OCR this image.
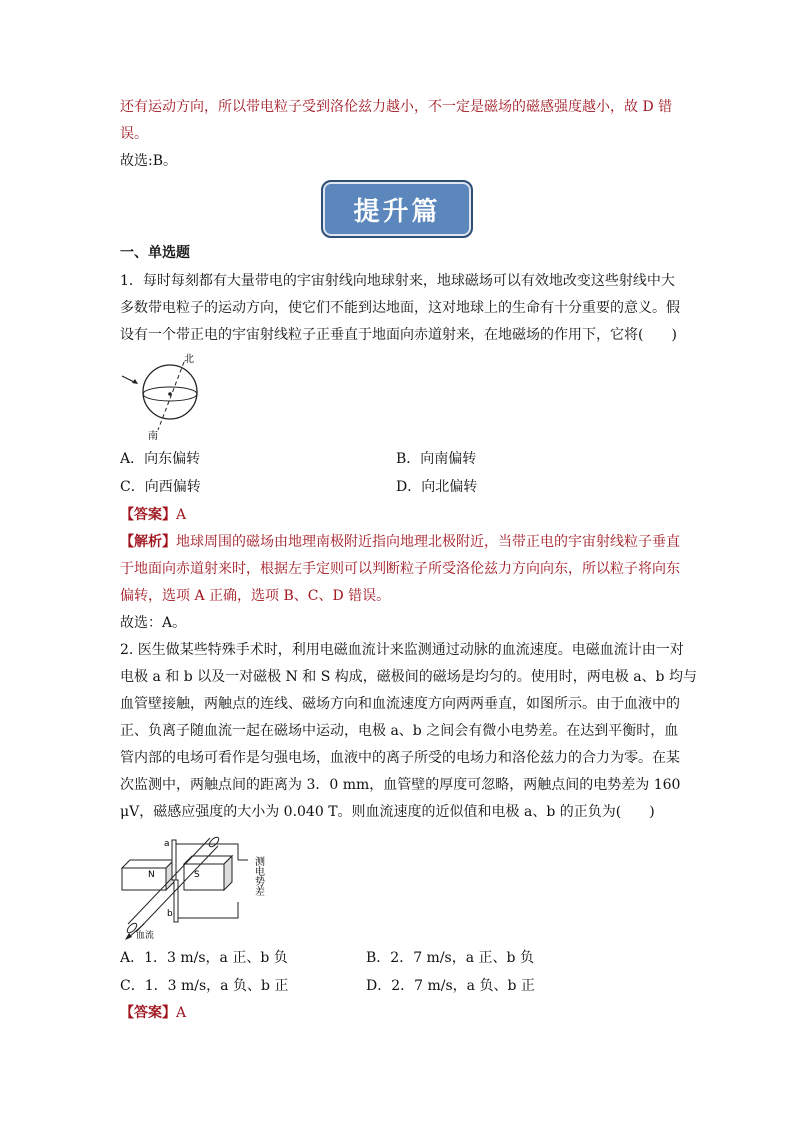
还有运动方向，所以带电粒子受到洛伦兹力越小，不一定是磁场的磁感强度越小，故 D 错
误。
故选:B。
提升篇
一、单选题
1．每时每刻都有大量带电的宇宙射线向地球射来，地球磁场可以有效地改变这些射线中大
多数带电粒子的运动方向，使它们不能到达地面，这对地球上的生命有十分重要的意义。假
设有一个带正电的宇宙射线粒子正垂直于地面向赤道射来，在地磁场的作用下，它将(　　)
北
南
A．向东偏转	B．向南偏转
C．向西偏转	D．向北偏转
【答案】A
【解析】地球周围的磁场由地理南极附近指向地理北极附近，当带正电的宇宙射线粒子垂直
于地面向赤道射来时，根据左手定则可以判断粒子所受洛伦兹力方向向东，所以粒子将向东
偏转，选项 A 正确，选项 B、C、D 错误。
故选：A。
2. 医生做某些特殊手术时，利用电磁血流计来监测通过动脉的血流速度。电磁血流计由一对
电极 a 和 b 以及一对磁极 N 和 S 构成，磁极间的磁场是均匀的。使用时，两电极 a、b 均与
血管壁接触，两触点的连线、磁场方向和血流速度方向两两垂直，如图所示。由于血液中的
正、负离子随血流一起在磁场中运动，电极 a、b 之间会有微小电势差。在达到平衡时，血
管内部的电场可看作是匀强电场，血液中的离子所受的电场力和洛伦兹力的合力为零。在某
次监测中，两触点间的距离为 3．0 mm，血管壁的厚度可忽略，两触点间的电势差为 160
μV，磁感应强度的大小为 0.040 T。则血流速度的近似值和电极 a、b 的正负为(　　)
N	S
a
b
测电势差
血流
A．1．3 m/s，a 正、b 负	B．2．7 m/s，a 正、b 负
C．1．3 m/s，a 负、b 正	D．2．7 m/s，a 负、b 正
【答案】A
